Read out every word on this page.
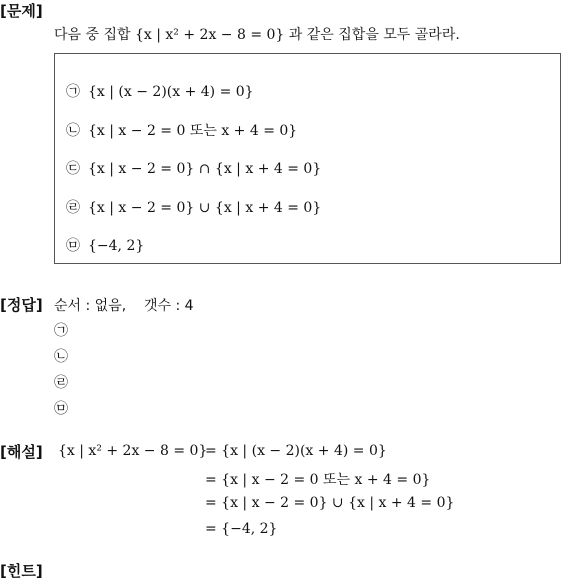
[문제]
다음 중 집합 {x | x² + 2x − 8 = 0} 과 같은 집합을 모두 골라라.
㉠ {x | (x − 2)(x + 4) = 0}
㉡ {x | x − 2 = 0 또는 x + 4 = 0}
㉢ {x | x − 2 = 0} ∩ {x | x + 4 = 0}
㉣ {x | x − 2 = 0} ∪ {x | x + 4 = 0}
㉤ {−4, 2}
[정답] 순서 : 없음,    갯수 : 4
㉠
㉡
㉣
㉤
[해설] {x | x² + 2x − 8 = 0}
= {x | (x − 2)(x + 4) = 0}
= {x | x − 2 = 0 또는 x + 4 = 0}
= {x | x − 2 = 0} ∪ {x | x + 4 = 0}
= {−4, 2}
[힌트]
